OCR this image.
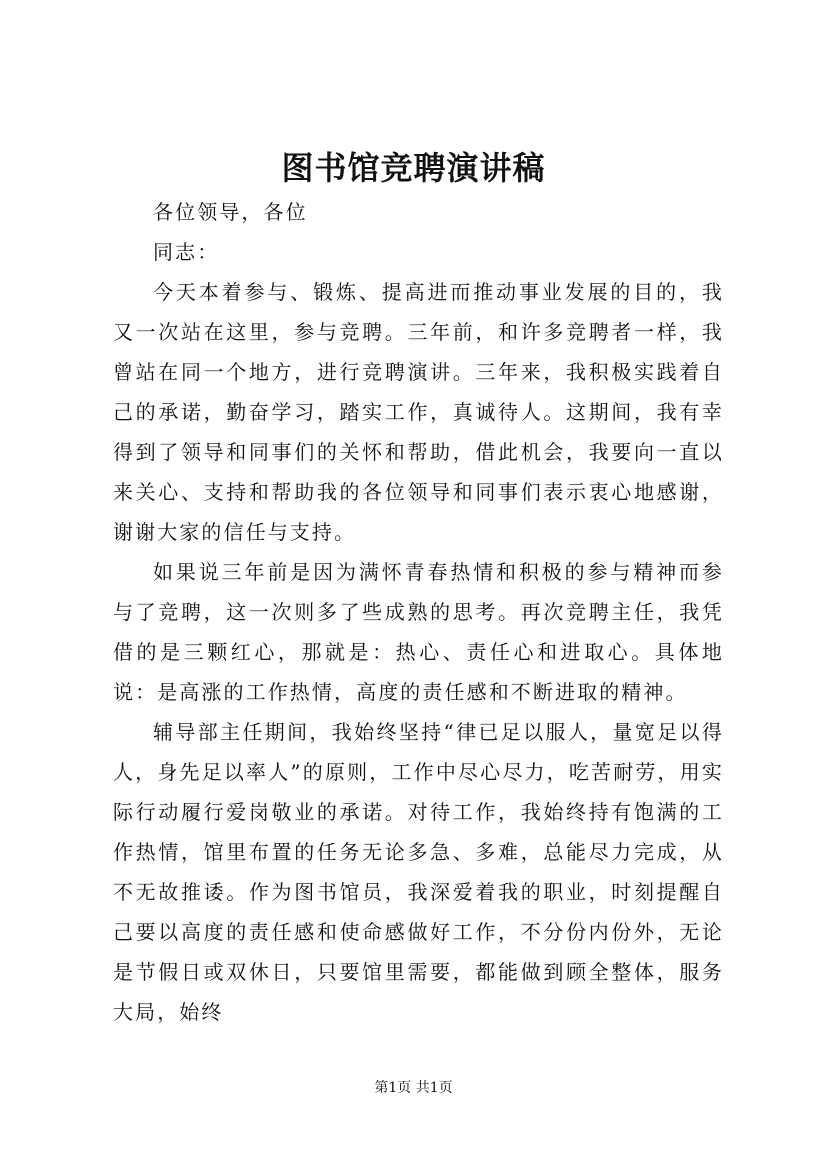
图书馆竞聘演讲稿

各位领导，各位

同志：

今天本着参与、锻炼、提高进而推动事业发展的目的，我又一次站在这里，参与竞聘。三年前，和许多竞聘者一样，我曾站在同一个地方，进行竞聘演讲。三年来，我积极实践着自己的承诺，勤奋学习，踏实工作，真诚待人。这期间，我有幸得到了领导和同事们的关怀和帮助，借此机会，我要向一直以来关心、支持和帮助我的各位领导和同事们表示衷心地感谢，谢谢大家的信任与支持。

如果说三年前是因为满怀青春热情和积极的参与精神而参与了竞聘，这一次则多了些成熟的思考。再次竞聘主任，我凭借的是三颗红心，那就是：热心、责任心和进取心。具体地说：是高涨的工作热情，高度的责任感和不断进取的精神。

辅导部主任期间，我始终坚持“律已足以服人，量宽足以得人，身先足以率人”的原则，工作中尽心尽力，吃苦耐劳，用实际行动履行爱岗敬业的承诺。对待工作，我始终持有饱满的工作热情，馆里布置的任务无论多急、多难，总能尽力完成，从不无故推诿。作为图书馆员，我深爱着我的职业，时刻提醒自己要以高度的责任感和使命感做好工作，不分份内份外，无论是节假日或双休日，只要馆里需要，都能做到顾全整体，服务大局，始终

第1页 共1页
